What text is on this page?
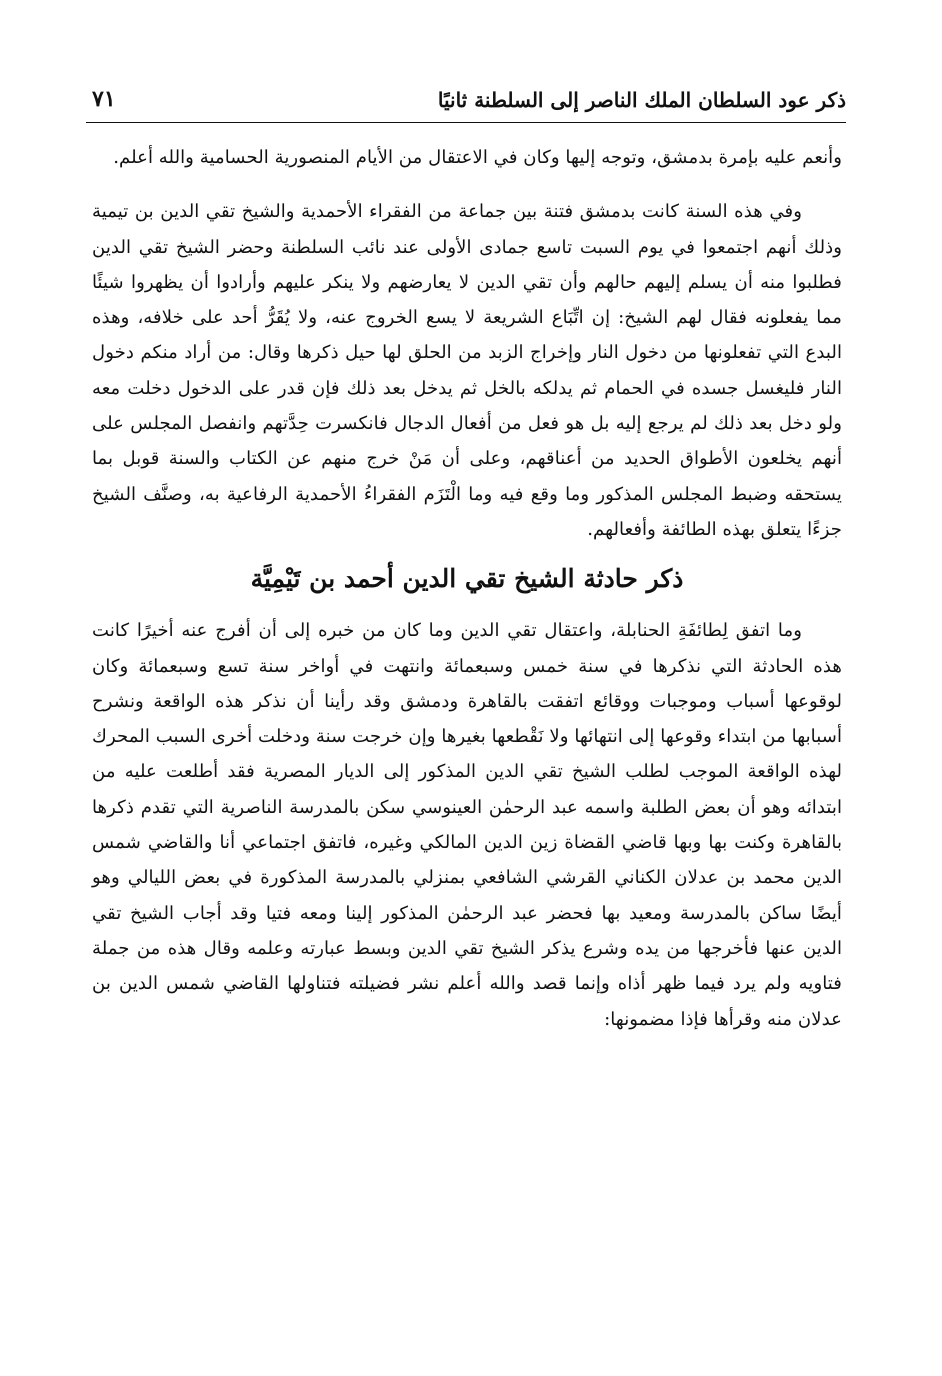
ذكر عود السلطان الملك الناصر إلى السلطنة ثانيًا
٧١

وأنعم عليه بإمرة بدمشق، وتوجه إليها وكان في الاعتقال من الأيام المنصورية الحسامية والله أعلم.

وفي هذه السنة كانت بدمشق فتنة بين جماعة من الفقراء الأحمدية والشيخ تقي الدين بن تيمية وذلك أنهم اجتمعوا في يوم السبت تاسع جمادى الأولى عند نائب السلطنة وحضر الشيخ تقي الدين فطلبوا منه أن يسلم إليهم حالهم وأن تقي الدين لا يعارضهم ولا ينكر عليهم وأرادوا أن يظهروا شيئًا مما يفعلونه فقال لهم الشيخ: إن اتِّبَاع الشريعة لا يسع الخروج عنه، ولا يُقَرُّ أحد على خلافه، وهذه البدع التي تفعلونها من دخول النار وإخراج الزبد من الحلق لها حيل ذكرها وقال: من أراد منكم دخول النار فليغسل جسده في الحمام ثم يدلكه بالخل ثم يدخل بعد ذلك فإن قدر على الدخول دخلت معه ولو دخل بعد ذلك لم يرجع إليه بل هو فعل من أفعال الدجال فانكسرت حِدَّتهم وانفصل المجلس على أنهم يخلعون الأطواق الحديد من أعناقهم، وعلى أن مَنْ خرج منهم عن الكتاب والسنة قوبل بما يستحقه وضبط المجلس المذكور وما وقع فيه وما الْتَزَم الفقراءُ الأحمدية الرفاعية به، وصنَّف الشيخ جزءًا يتعلق بهذه الطائفة وأفعالهم.

ذكر حادثة الشيخ تقي الدين أحمد بن تَيْمِيَّة

وما اتفق لِطائفَةِ الحنابلة، واعتقال تقي الدين وما كان من خبره إلى أن أفرج عنه أخيرًا كانت هذه الحادثة التي نذكرها في سنة خمس وسبعمائة وانتهت في أواخر سنة تسع وسبعمائة وكان لوقوعها أسباب وموجبات ووقائع اتفقت بالقاهرة ودمشق وقد رأينا أن نذكر هذه الواقعة ونشرح أسبابها من ابتداء وقوعها إلى انتهائها ولا نَقْطعها بغيرها وإن خرجت سنة ودخلت أخرى السبب المحرك لهذه الواقعة الموجب لطلب الشيخ تقي الدين المذكور إلى الديار المصرية فقد أطلعت عليه من ابتدائه وهو أن بعض الطلبة واسمه عبد الرحمٰن العينوسي سكن بالمدرسة الناصرية التي تقدم ذكرها بالقاهرة وكنت بها وبها قاضي القضاة زين الدين المالكي وغيره، فاتفق اجتماعي أنا والقاضي شمس الدين محمد بن عدلان الكناني القرشي الشافعي بمنزلي بالمدرسة المذكورة في بعض الليالي وهو أيضًا ساكن بالمدرسة ومعيد بها فحضر عبد الرحمٰن المذكور إلينا ومعه فتيا وقد أجاب الشيخ تقي الدين عنها فأخرجها من يده وشرع يذكر الشيخ تقي الدين وبسط عبارته وعلمه وقال هذه من جملة فتاويه ولم يرد فيما ظهر أذاه وإنما قصد والله أعلم نشر فضيلته فتناولها القاضي شمس الدين بن عدلان منه وقرأها فإذا مضمونها:
